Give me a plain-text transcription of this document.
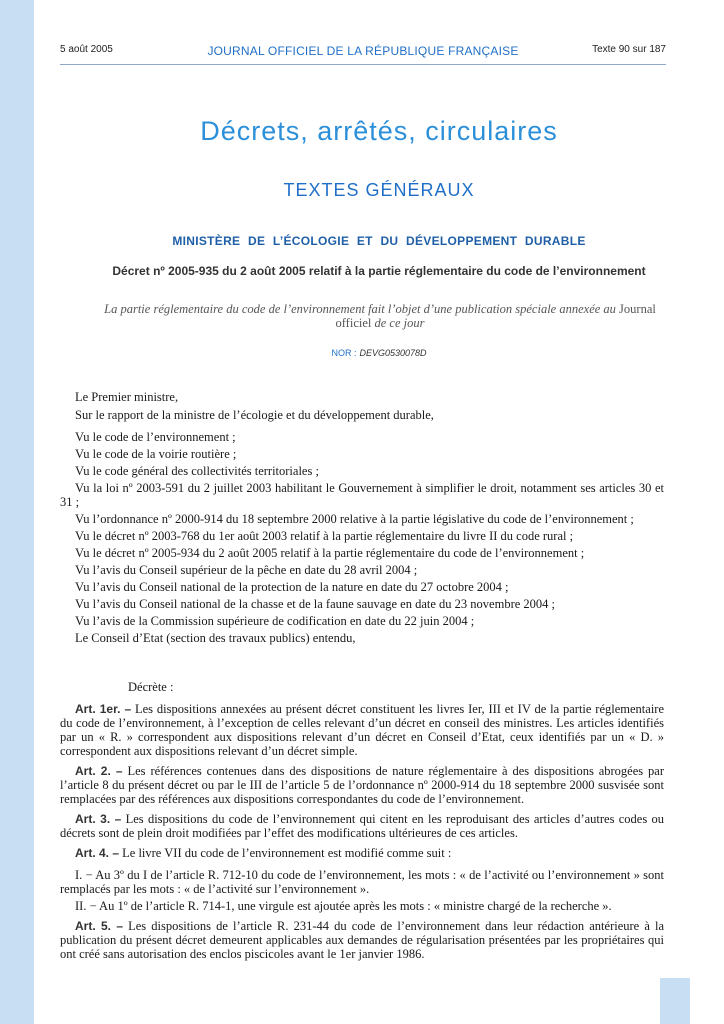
JOURNAL OFFICIEL DE LA RÉPUBLIQUE FRANÇAISE
5 août 2005	Texte 90 sur 187
Décrets, arrêtés, circulaires
TEXTES GÉNÉRAUX
MINISTÈRE DE L’ÉCOLOGIE ET DU DÉVELOPPEMENT DURABLE
Décret nº 2005-935 du 2 août 2005 relatif à la partie réglementaire du code de l’environnement
La partie réglementaire du code de l’environnement fait l’objet d’une publication spéciale annexée au Journal officiel de ce jour
NOR : DEVG0530078D

Le Premier ministre,

Sur le rapport de la ministre de l’écologie et du développement durable,

Vu le code de l’environnement ;

Vu le code de la voirie routière ;

Vu le code général des collectivités territoriales ;

Vu la loi nº 2003-591 du 2 juillet 2003 habilitant le Gouvernement à simplifier le droit, notamment ses articles 30 et 31 ;

Vu l’ordonnance nº 2000-914 du 18 septembre 2000 relative à la partie législative du code de l’environnement ;

Vu le décret nº 2003-768 du 1er août 2003 relatif à la partie réglementaire du livre II du code rural ;

Vu le décret nº 2005-934 du 2 août 2005 relatif à la partie réglementaire du code de l’environnement ;

Vu l’avis du Conseil supérieur de la pêche en date du 28 avril 2004 ;

Vu l’avis du Conseil national de la protection de la nature en date du 27 octobre 2004 ;

Vu l’avis du Conseil national de la chasse et de la faune sauvage en date du 23 novembre 2004 ;

Vu l’avis de la Commission supérieure de codification en date du 22 juin 2004 ;

Le Conseil d’Etat (section des travaux publics) entendu,

Décrète :

Art. 1er. – Les dispositions annexées au présent décret constituent les livres Ier, III et IV de la partie réglementaire du code de l’environnement, à l’exception de celles relevant d’un décret en conseil des ministres. Les articles identifiés par un « R. » correspondent aux dispositions relevant d’un décret en Conseil d’Etat, ceux identifiés par un « D. » correspondent aux dispositions relevant d’un décret simple.

Art. 2. – Les références contenues dans des dispositions de nature réglementaire à des dispositions abrogées par l’article 8 du présent décret ou par le III de l’article 5 de l’ordonnance nº 2000-914 du 18 septembre 2000 susvisée sont remplacées par des références aux dispositions correspondantes du code de l’environnement.

Art. 3. – Les dispositions du code de l’environnement qui citent en les reproduisant des articles d’autres codes ou décrets sont de plein droit modifiées par l’effet des modifications ultérieures de ces articles.

Art. 4. – Le livre VII du code de l’environnement est modifié comme suit :

I. − Au 3º du I de l’article R. 712-10 du code de l’environnement, les mots : « de l’activité ou l’environnement » sont remplacés par les mots : « de l’activité sur l’environnement ».

II. − Au 1º de l’article R. 714-1, une virgule est ajoutée après les mots : « ministre chargé de la recherche ».

Art. 5. – Les dispositions de l’article R. 231-44 du code de l’environnement dans leur rédaction antérieure à la publication du présent décret demeurent applicables aux demandes de régularisation présentées par les propriétaires qui ont créé sans autorisation des enclos piscicoles avant le 1er janvier 1986.
